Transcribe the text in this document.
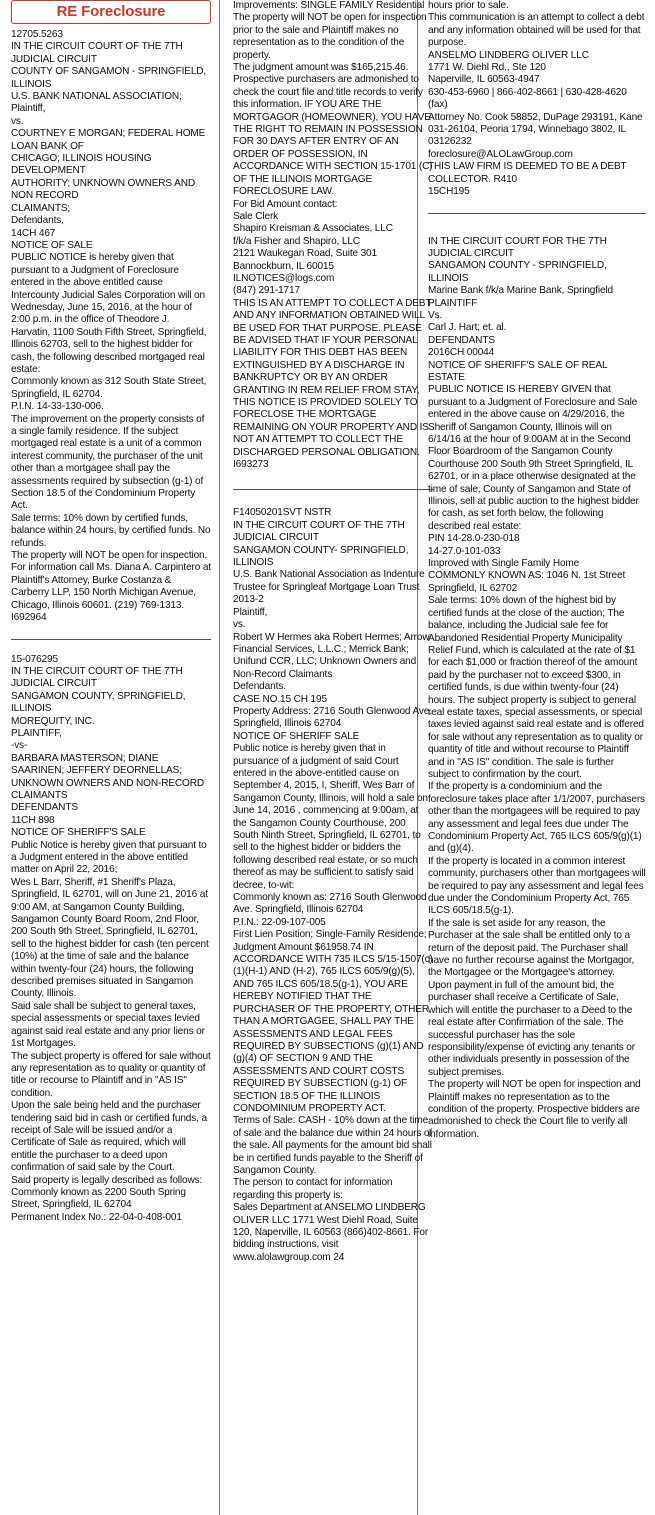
RE Foreclosure

12705.5263

IN THE CIRCUIT COURT OF THE 7TH JUDICIAL CIRCUIT

COUNTY OF SANGAMON - SPRINGFIELD, ILLINOIS

U.S. BANK NATIONAL ASSOCIATION;

Plaintiff,

vs.

COURTNEY E MORGAN; FEDERAL HOME LOAN BANK OF

CHICAGO; ILLINOIS HOUSING DEVELOPMENT

AUTHORITY; UNKNOWN OWNERS AND NON RECORD

CLAIMANTS;

Defendants,

14CH 467

NOTICE OF SALE

PUBLIC NOTICE is hereby given that pursuant to a Judgment of Foreclosure entered in the above entitled cause Intercounty Judicial Sales Corporation will on Wednesday, June 15, 2016, at the hour of 2:00 p.m. in the office of Theodore J. Harvatin, 1100 South Fifth Street, Springfield, Illinois 62703, sell to the highest bidder for cash, the following described mortgaged real estate:

Commonly known as 312 South State Street, Springfield, IL 62704.

P.I.N. 14-33-130-006.

The improvement on the property consists of a single family residence. If the subject mortgaged real estate is a unit of a common interest community, the purchaser of the unit other than a mortgagee shall pay the assessments required by subsection (g-1) of Section 18.5 of the Condominium Property Act.

Sale terms: 10% down by certified funds, balance within 24 hours, by certified funds. No refunds.

The property will NOT be open for inspection.

For information call Ms. Diana A. Carpintero at Plaintiff's Attorney, Burke Costanza & Carberry LLP, 150 North Michigan Avenue, Chicago, Illinois 60601. (219) 769-1313.

I692964

15-076295

IN THE CIRCUIT COURT OF THE 7TH JUDICIAL CIRCUIT

SANGAMON COUNTY, SPRINGFIELD, ILLINOIS

MOREQUITY, INC.

PLAINTIFF,

-vs-

BARBARA MASTERSON; DIANE SAARINEN; JEFFERY DEORNELLAS;

UNKNOWN OWNERS AND NON-RECORD CLAIMANTS

DEFENDANTS

11CH 898

NOTICE OF SHERIFF'S SALE

Public Notice is hereby given that pursuant to a Judgment entered in the above entitled matter on April 22, 2016;

Wes L Barr, Sheriff, #1 Sheriff's Plaza, Springfield, IL 62701, will on June 21, 2016 at 9:00 AM, at Sangamon County Building, Sangamon County Board Room, 2nd Floor, 200 South 9th Street, Springfield, IL 62701, sell to the highest bidder for cash (ten percent (10%) at the time of sale and the balance within twenty-four (24) hours, the following described premises situated in Sangamon County, Illinois.

Said sale shall be subject to general taxes, special assessments or special taxes levied against said real estate and any prior liens or 1st Mortgages.

The subject property is offered for sale without any representation as to quality or quantity of title or recourse to Plaintiff and in "AS IS" condition.

Upon the sale being held and the purchaser tendering said bid in cash or certified funds, a receipt of Sale will be issued and/or a Certificate of Sale as required, which will entitle the purchaser to a deed upon confirmation of said sale by the Court.

Said property is legally described as follows:

Commonly known as 2200 South Spring Street, Springfield, IL 62704

Permanent Index No.: 22-04-0-408-001

Improvements: SINGLE FAMILY Residential

The property will NOT be open for inspection prior to the sale and Plaintiff makes no representation as to the condition of the property.

The judgment amount was $165,215.46. Prospective purchasers are admonished to check the court file and title records to verify this information. IF YOU ARE THE MORTGAGOR (HOMEOWNER), YOU HAVE THE RIGHT TO REMAIN IN POSSESSION FOR 30 DAYS AFTER ENTRY OF AN ORDER OF POSSESSION, IN ACCORDANCE WITH SECTION 15-1701 (C) OF THE ILLINOIS MORTGAGE FORECLOSURE LAW.

For Bid Amount contact:

Sale Clerk

Shapiro Kreisman & Associates, LLC

f/k/a Fisher and Shapiro, LLC

2121 Waukegan Road, Suite 301

Bannockburn, IL 60015

ILNOTICES@logs.com

(847) 291-1717

THIS IS AN ATTEMPT TO COLLECT A DEBT AND ANY INFORMATION OBTAINED WILL BE USED FOR THAT PURPOSE. PLEASE BE ADVISED THAT IF YOUR PERSONAL LIABILITY FOR THIS DEBT HAS BEEN EXTINGUISHED BY A DISCHARGE IN BANKRUPTCY OR BY AN ORDER GRANTING IN REM RELIEF FROM STAY, THIS NOTICE IS PROVIDED SOLELY TO FORECLOSE THE MORTGAGE REMAINING ON YOUR PROPERTY AND IS NOT AN ATTEMPT TO COLLECT THE DISCHARGED PERSONAL OBLIGATION.

I693273

F14050201SVT NSTR

IN THE CIRCUIT COURT OF THE 7TH JUDICIAL CIRCUIT

SANGAMON COUNTY- SPRINGFIELD, ILLINOIS

U.S. Bank National Association as Indenture Trustee for Springleaf Mortgage Loan Trust 2013-2

Plaintiff,

vs.

Robert W Hermes aka Robert Hermes; Arrow Financial Services, L.L.C.; Merrick Bank; Unifund CCR, LLC; Unknown Owners and Non-Record Claimants

Defendants.

CASE NO.15 CH 195

Property Address: 2716 South Glenwood Ave. Springfield, Illinois 62704

NOTICE OF SHERIFF SALE

Public notice is hereby given that in pursuance of a judgment of said Court entered in the above-entitled cause on September 4, 2015, I, Sheriff, Wes Barr of Sangamon County, Illinois, will hold a sale on June 14, 2016 , commencing at 9:00am, at the Sangamon County Courthouse, 200 South Ninth Street, Springfield, IL 62701, to sell to the highest bidder or bidders the following described real estate, or so much thereof as may be sufficient to satisfy said decree, to-wit:

Commonly known as: 2716 South Glenwood Ave. Springfield, Illinois 62704

P.I.N.: 22-09-107-005

First Lien Position; Single-Family Residence; Judgment Amount $61958.74 IN ACCORDANCE WITH 735 ILCS 5/15-1507(c)(1)(H-1) AND (H-2), 765 ILCS 605/9(g)(5), AND 765 ILCS 605/18.5(g-1), YOU ARE HEREBY NOTIFIED THAT THE PURCHASER OF THE PROPERTY, OTHER THAN A MORTGAGEE, SHALL PAY THE ASSESSMENTS AND LEGAL FEES REQUIRED BY SUBSECTIONS (g)(1) AND (g)(4) OF SECTION 9 AND THE ASSESSMENTS AND COURT COSTS REQUIRED BY SUBSECTION (g-1) OF SECTION 18.5 OF THE ILLINOIS CONDOMINIUM PROPERTY ACT.

Terms of Sale: CASH - 10% down at the time of sale and the balance due within 24 hours of the sale. All payments for the amount bid shall be in certified funds payable to the Sheriff of Sangamon County.

The person to contact for information regarding this property is:

Sales Department at ANSELMO LINDBERG OLIVER LLC 1771 West Diehl Road, Suite 120, Naperville, IL 60563 (866)402-8661. For bidding instructions, visit www.alolawgroup.com 24

hours prior to sale.

This communication is an attempt to collect a debt and any information obtained will be used for that purpose.

ANSELMO LINDBERG OLIVER LLC

1771 W. Diehl Rd., Ste 120

Naperville, IL 60563-4947

630-453-6960 | 866-402-8661 | 630-428-4620 (fax)

Attorney No. Cook 58852, DuPage 293191, Kane 031-26104, Peoria 1794, Winnebago 3802, IL 03126232

foreclosure@ALOLawGroup.com

THIS LAW FIRM IS DEEMED TO BE A DEBT COLLECTOR. R410

15CH195

IN THE CIRCUIT COURT FOR THE 7TH JUDICIAL CIRCUIT

SANGAMON COUNTY - SPRINGFIELD, ILLINOIS

Marine Bank f/k/a Marine Bank, Springfield

PLAINTIFF

Vs.

Carl J. Hart; et. al.

DEFENDANTS

2016CH 00044

NOTICE OF SHERIFF'S SALE OF REAL ESTATE

PUBLIC NOTICE IS HEREBY GIVEN that pursuant to a Judgment of Foreclosure and Sale entered in the above cause on 4/29/2016, the Sheriff of Sangamon County, Illinois will on 6/14/16 at the hour of 9:00AM at in the Second Floor Boardroom of the Sangamon County Courthouse 200 South 9th Street Springfield, IL 62701, or in a place otherwise designated at the time of sale, County of Sangamon and State of Illinois, sell at public auction to the highest bidder for cash, as set forth below, the following described real estate:

PIN 14-28.0-230-018

14-27.0-101-033

Improved with Single Family Home

COMMONLY KNOWN AS: 1046 N. 1st Street

Springfield, IL 62702

Sale terms: 10% down of the highest bid by certified funds at the close of the auction; The balance, including the Judicial sale fee for Abandoned Residential Property Municipality Relief Fund, which is calculated at the rate of $1 for each $1,000 or fraction thereof of the amount paid by the purchaser not to exceed $300, in certified funds, is due within twenty-four (24) hours. The subject property is subject to general real estate taxes, special assessments, or special taxes levied against said real estate and is offered for sale without any representation as to quality or quantity of title and without recourse to Plaintiff and in "AS IS" condition. The sale is further subject to confirmation by the court.

If the property is a condominium and the foreclosure takes place after 1/1/2007, purchasers other than the mortgagees will be required to pay any assessment and legal fees due under The Condominium Property Act, 765 ILCS 605/9(g)(1) and (g)(4).

If the property is located in a common interest community, purchasers other than mortgagees will be required to pay any assessment and legal fees due under the Condominium Property Act, 765 ILCS 605/18.5(g-1).

If the sale is set aside for any reason, the Purchaser at the sale shall be entitled only to a return of the deposit paid. The Purchaser shall have no further recourse against the Mortgagor, the Mortgagee or the Mortgagee's attorney.

Upon payment in full of the amount bid, the purchaser shall receive a Certificate of Sale, which will entitle the purchaser to a Deed to the real estate after Confirmation of the sale. The successful purchaser has the sole responsibility/expense of evicting any tenants or other individuals presently in possession of the subject premises.

The property will NOT be open for inspection and Plaintiff makes no representation as to the condition of the property. Prospective bidders are admonished to check the Court file to verify all information.
